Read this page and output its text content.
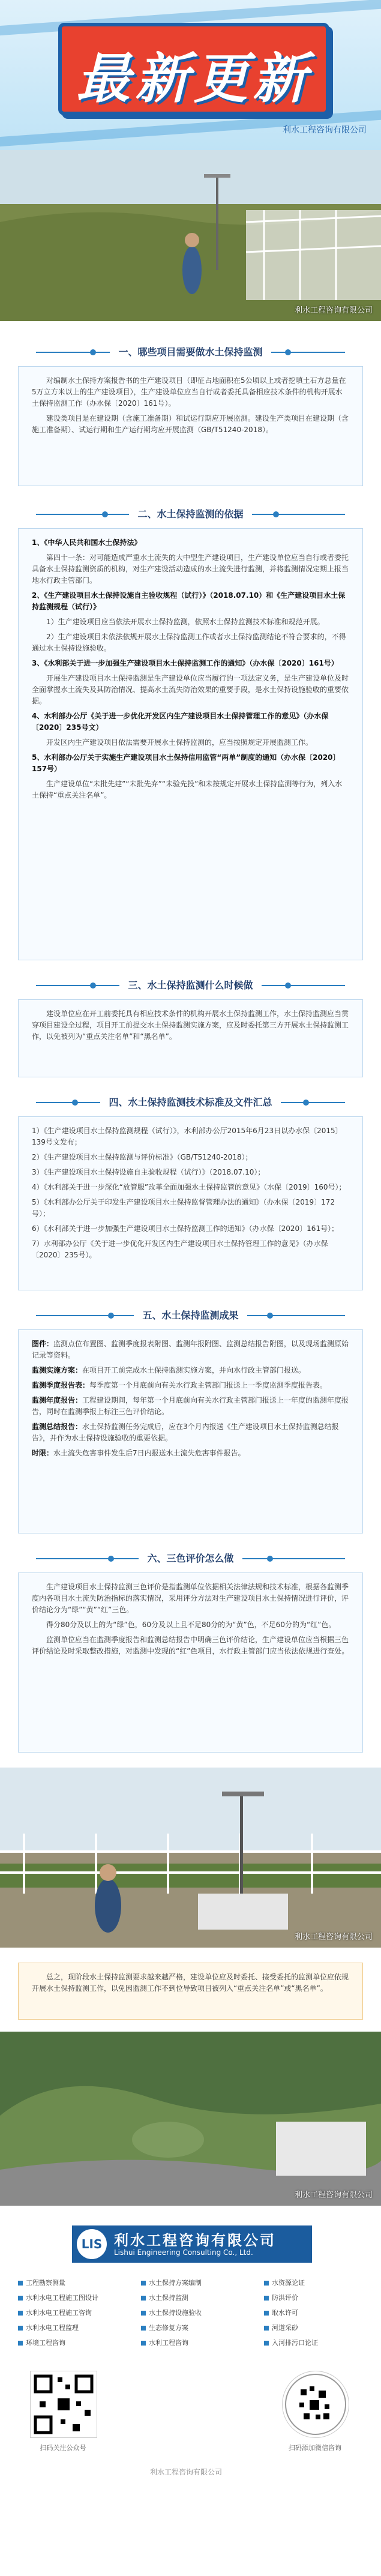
最新更新
利水工程咨询有限公司
利水工程咨询有限公司
一、哪些项目需要做水土保持监测

对编制水土保持方案报告书的生产建设项目（即征占地面积在5公顷以上或者挖填土石方总量在5万立方米以上的生产建设项目），生产建设单位应当自行或者委托具备相应技术条件的机构开展水土保持监测工作（办水保〔2020〕161号）。

建设类项目是在建设期（含施工准备期）和试运行期应开展监测。建设生产类项目在建设期（含施工准备期）、试运行期和生产运行期均应开展监测（GB/T51240-2018）。

二、水土保持监测的依据

1、《中华人民共和国水土保持法》

第四十一条：对可能造成严重水土流失的大中型生产建设项目，生产建设单位应当自行或者委托具备水土保持监测资质的机构，对生产建设活动造成的水土流失进行监测，并将监测情况定期上报当地水行政主管部门。

2、《生产建设项目水土保持设施自主验收规程（试行）》（2018.07.10）和《生产建设项目水土保持监测规程（试行）》

1）生产建设项目应当依法开展水土保持监测，依照水土保持监测技术标准和规范开展。

2）生产建设项目未依法依规开展水土保持监测工作或者水土保持监测结论不符合要求的，不得通过水土保持设施验收。

3、《水利部关于进一步加强生产建设项目水土保持监测工作的通知》（办水保〔2020〕161号）

开展生产建设项目水土保持监测是生产建设单位应当履行的一项法定义务，是生产建设单位及时全面掌握水土流失及其防治情况、提高水土流失防治效果的重要手段，是水土保持设施验收的重要依据。

4、水利部办公厅《关于进一步优化开发区内生产建设项目水土保持管理工作的意见》（办水保〔2020〕235号文）

开发区内生产建设项目依法需要开展水土保持监测的，应当按照规定开展监测工作。

5、水利部办公厅关于实施生产建设项目水土保持信用监管“两单”制度的通知（办水保〔2020〕157号）

生产建设单位“未批先建”“未批先弃”“未验先投”和未按规定开展水土保持监测等行为，列入水土保持“重点关注名单”。

三、水土保持监测什么时候做

建设单位应在开工前委托具有相应技术条件的机构开展水土保持监测工作，水土保持监测应当贯穿项目建设全过程，项目开工前提交水土保持监测实施方案，应及时委托第三方开展水土保持监测工作，以免被列为“重点关注名单”和“黑名单”。

四、水土保持监测技术标准及文件汇总

1）《生产建设项目水土保持监测规程（试行）》，水利部办公厅2015年6月23日以办水保〔2015〕139号文发布；

2）《生产建设项目水土保持监测与评价标准》（GB/T51240-2018）；

3）《生产建设项目水土保持设施自主验收规程（试行）》（2018.07.10）；

4）《水利部关于进一步深化“放管服”改革全面加强水土保持监管的意见》（水保〔2019〕160号）；

5）《水利部办公厅关于印发生产建设项目水土保持监督管理办法的通知》（办水保〔2019〕172号）；

6）《水利部关于进一步加强生产建设项目水土保持监测工作的通知》（办水保〔2020〕161号）；

7）水利部办公厅《关于进一步优化开发区内生产建设项目水土保持管理工作的意见》（办水保〔2020〕235号）。

五、水土保持监测成果

图件：监测点位布置图、监测季度报表附图、监测年报附图、监测总结报告附图，以及现场监测原始记录等资料。

监测实施方案：在项目开工前完成水土保持监测实施方案，并向水行政主管部门报送。

监测季度报告表：每季度第一个月底前向有关水行政主管部门报送上一季度监测季度报告表。

监测年度报告：工程建设期间，每年第一个月底前向有关水行政主管部门报送上一年度的监测年度报告，同时在监测季报上标注三色评价结论。

监测总结报告：水土保持监测任务完成后，应在3个月内报送《生产建设项目水土保持监测总结报告》，并作为水土保持设施验收的重要依据。

时限：水土流失危害事件发生后7日内报送水土流失危害事件报告。

六、三色评价怎么做

生产建设项目水土保持监测三色评价是指监测单位依据相关法律法规和技术标准，根据各监测季度内各项目水土流失防治指标的落实情况，采用评分方法对生产建设项目水土保持情况进行评价，评价结论分为“绿”“黄”“红”三色。

得分80分及以上的为“绿”色，60分及以上且不足80分的为“黄”色，不足60分的为“红”色。

监测单位应当在监测季度报告和监测总结报告中明确三色评价结论，生产建设单位应当根据三色评价结论及时采取整改措施，对监测中发现的“红”色项目，水行政主管部门应当依法依规进行查处。

利水工程咨询有限公司

总之，现阶段水土保持监测要求越来越严格，建设单位应及时委托、接受委托的监测单位应依规开展水土保持监测工作，以免因监测工作不到位导致项目被列入“重点关注名单”或“黑名单”。

利水工程咨询有限公司
LIS 利水工程咨询有限公司
Lishui Engineering Consulting Co., Ltd.
工程勘察测量
水利水电工程施工图设计
水利水电工程施工咨询
水利水电工程监理
环境工程咨询
水土保持方案编制
水土保持监测
水土保持设施验收
生态修复方案
水利工程咨询
水资源论证
防洪评价
取水许可
河道采砂
入河排污口论证
扫码关注公众号	扫码添加微信咨询
利水工程咨询有限公司
